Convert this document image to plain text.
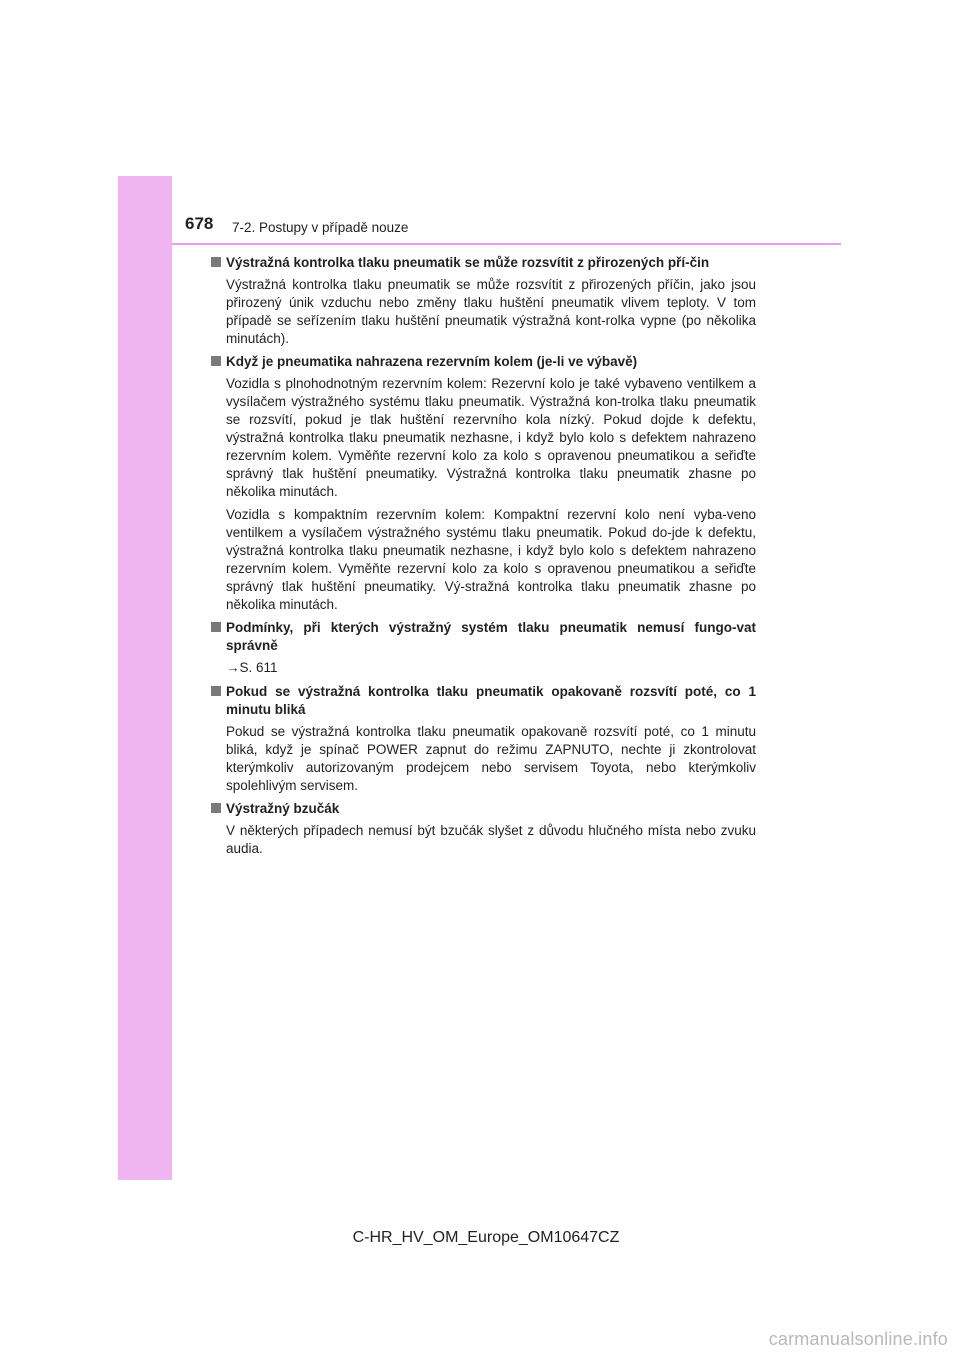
678 7-2. Postupy v případě nouze
Výstražná kontrolka tlaku pneumatik se může rozsvítit z přirozených pří-čin

Výstražná kontrolka tlaku pneumatik se může rozsvítit z přirozených příčin, jako jsou přirozený únik vzduchu nebo změny tlaku huštění pneumatik vlivem teploty. V tom případě se seřízením tlaku huštění pneumatik výstražná kont-rolka vypne (po několika minutách).

Když je pneumatika nahrazena rezervním kolem (je-li ve výbavě)

Vozidla s plnohodnotným rezervním kolem: Rezervní kolo je také vybaveno ventilkem a vysílačem výstražného systému tlaku pneumatik. Výstražná kon-trolka tlaku pneumatik se rozsvítí, pokud je tlak huštění rezervního kola nízký. Pokud dojde k defektu, výstražná kontrolka tlaku pneumatik nezhasne, i když bylo kolo s defektem nahrazeno rezervním kolem. Vyměňte rezervní kolo za kolo s opravenou pneumatikou a seřiďte správný tlak huštění pneumatiky. Výstražná kontrolka tlaku pneumatik zhasne po několika minutách.

Vozidla s kompaktním rezervním kolem: Kompaktní rezervní kolo není vyba-veno ventilkem a vysílačem výstražného systému tlaku pneumatik. Pokud do-jde k defektu, výstražná kontrolka tlaku pneumatik nezhasne, i když bylo kolo s defektem nahrazeno rezervním kolem. Vyměňte rezervní kolo za kolo s opravenou pneumatikou a seřiďte správný tlak huštění pneumatiky. Vý-stražná kontrolka tlaku pneumatik zhasne po několika minutách.

Podmínky, při kterých výstražný systém tlaku pneumatik nemusí fungo-vat správně

→S. 611

Pokud se výstražná kontrolka tlaku pneumatik opakovaně rozsvítí poté, co 1 minutu bliká

Pokud se výstražná kontrolka tlaku pneumatik opakovaně rozsvítí poté, co 1 minutu bliká, když je spínač POWER zapnut do režimu ZAPNUTO, nechte ji zkontrolovat kterýmkoliv autorizovaným prodejcem nebo servisem Toyota, nebo kterýmkoliv spolehlivým servisem.

Výstražný bzučák

V některých případech nemusí být bzučák slyšet z důvodu hlučného místa nebo zvuku audia.

C-HR_HV_OM_Europe_OM10647CZ
carmanualsonline.info
